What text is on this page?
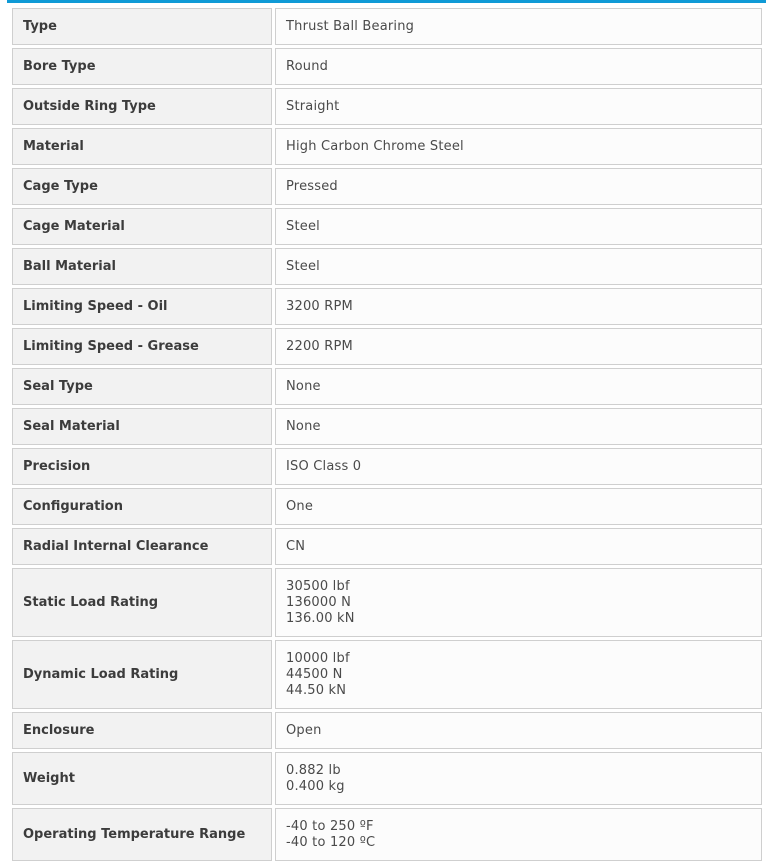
Type	Thrust Ball Bearing

Bore Type	Round

Outside Ring Type	Straight

Material	High Carbon Chrome Steel

Cage Type	Pressed

Cage Material	Steel

Ball Material	Steel

Limiting Speed - Oil	3200 RPM

Limiting Speed - Grease	2200 RPM

Seal Type	None

Seal Material	None

Precision	ISO Class 0

Configuration	One

Radial Internal Clearance	CN

Static Load Rating	30500 lbf
136000 N
136.00 kN

Dynamic Load Rating	10000 lbf
44500 N
44.50 kN

Enclosure	Open

Weight	0.882 lb
0.400 kg

Operating Temperature Range	-40 to 250 ºF
-40 to 120 ºC
